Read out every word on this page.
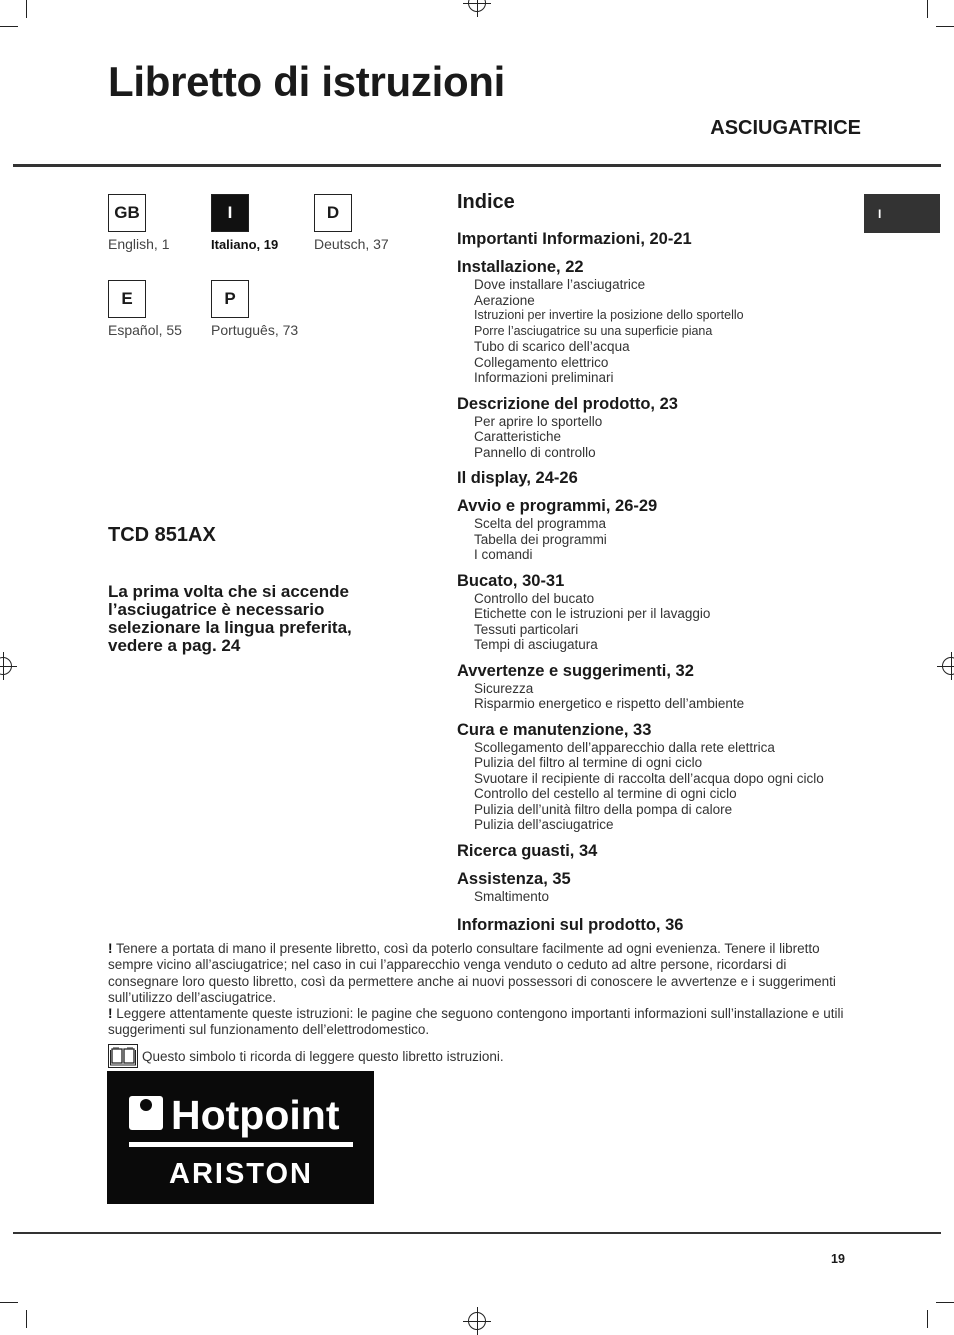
Libretto di istruzioni
ASCIUGATRICE
GB
English, 1
I
Italiano, 19
D
Deutsch, 37
E
Español, 55
P
Português, 73
TCD 851AX
La prima volta che si accende l’asciugatrice è necessario selezionare la lingua preferita, vedere a pag. 24
Indice
Importanti Informazioni, 20-21
Installazione, 22
Dove installare l’asciugatrice
Aerazione
Istruzioni per invertire la posizione dello sportello
Porre l’asciugatrice su una superficie piana
Tubo di scarico dell’acqua
Collegamento elettrico
Informazioni preliminari
Descrizione del prodotto, 23
Per aprire lo sportello
Caratteristiche
Pannello di controllo
Il display, 24-26
Avvio e programmi, 26-29
Scelta del programma
Tabella dei programmi
I comandi
Bucato, 30-31
Controllo del bucato
Etichette con le istruzioni per il lavaggio
Tessuti particolari
Tempi di asciugatura
Avvertenze e suggerimenti, 32
Sicurezza
Risparmio energetico e rispetto dell’ambiente
Cura e manutenzione, 33
Scollegamento dell’apparecchio dalla rete elettrica
Pulizia del filtro al termine di ogni ciclo
Svuotare il recipiente di raccolta dell’acqua dopo ogni ciclo
Controllo del cestello al termine di ogni ciclo
Pulizia dell’unità filtro della pompa di calore
Pulizia dell’asciugatrice
Ricerca guasti, 34
Assistenza, 35
Smaltimento
Informazioni sul prodotto, 36
I
! Tenere a portata di mano il presente libretto, così da poterlo consultare facilmente ad ogni evenienza. Tenere il libretto sempre vicino all’asciugatrice; nel caso in cui l’apparecchio venga venduto o ceduto ad altre persone, ricordarsi di consegnare loro questo libretto, così da permettere anche ai nuovi possessori di conoscere le avvertenze e i suggerimenti sull’utilizzo dell’asciugatrice.
! Leggere attentamente queste istruzioni: le pagine che seguono contengono importanti informazioni sull’installazione e utili suggerimenti sul funzionamento dell’elettrodomestico.
Questo simbolo ti ricorda di leggere questo libretto istruzioni.
Hotpoint
ARISTON
19
